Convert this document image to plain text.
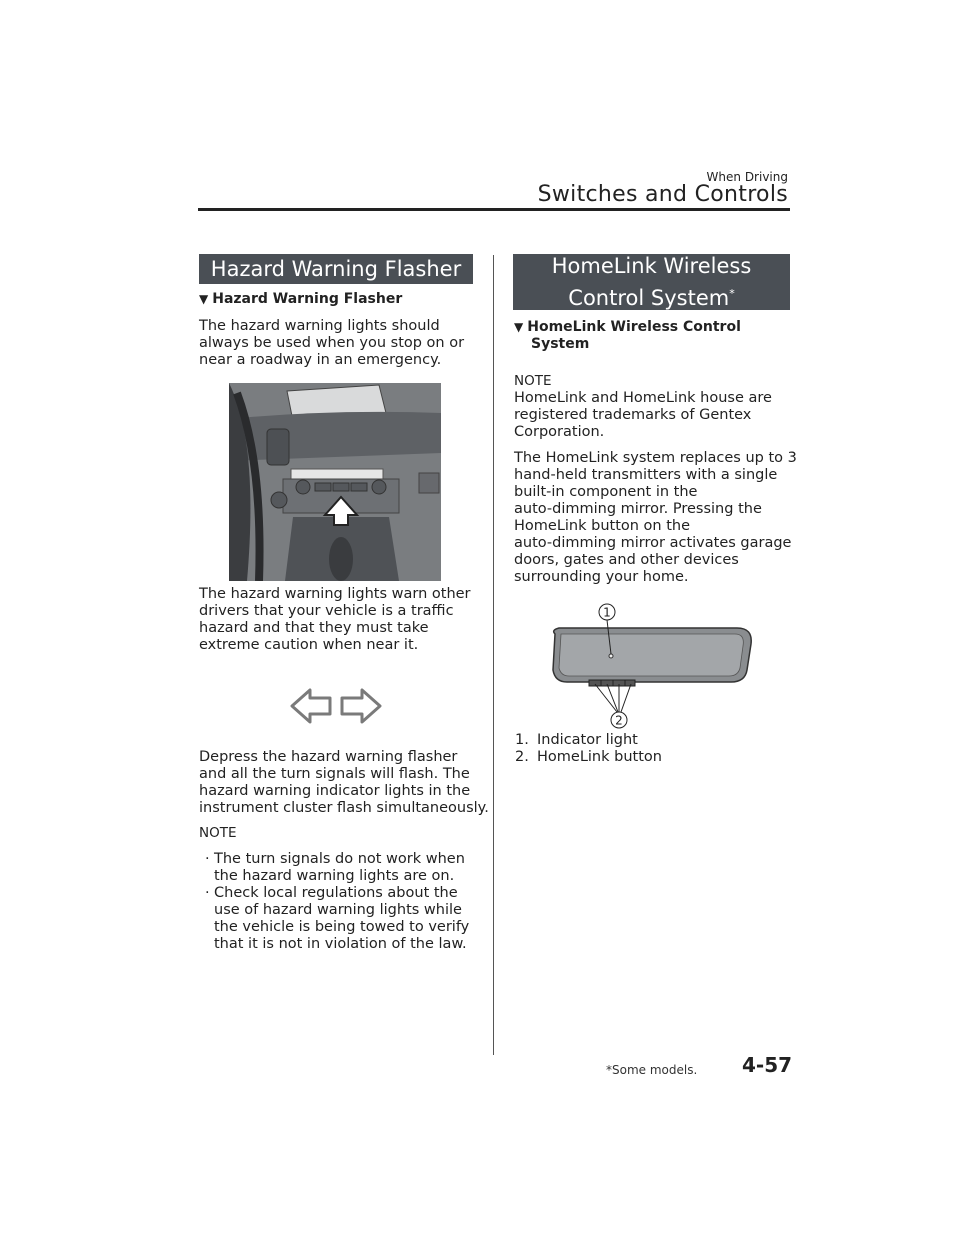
When Driving
Switches and Controls
Hazard Warning Flasher
▼ Hazard Warning Flasher
The hazard warning lights should
always be used when you stop on or
near a roadway in an emergency.
The hazard warning lights warn other
drivers that your vehicle is a traffic
hazard and that they must take
extreme caution when near it.
Depress the hazard warning flasher
and all the turn signals will flash. The
hazard warning indicator lights in the
instrument cluster flash simultaneously.
NOTE
· The turn signals do not work when
the hazard warning lights are on.
· Check local regulations about the
use of hazard warning lights while
the vehicle is being towed to verify
that it is not in violation of the law.
HomeLink Wireless
Control System*
▼ HomeLink Wireless Control
System
NOTE
HomeLink and HomeLink house are
registered trademarks of Gentex
Corporation.
The HomeLink system replaces up to 3
hand-held transmitters with a single
built-in component in the
auto-dimming mirror. Pressing the
HomeLink button on the
auto-dimming mirror activates garage
doors, gates and other devices
surrounding your home.
1
2
1. Indicator light
2. HomeLink button
*Some models. 4-57
